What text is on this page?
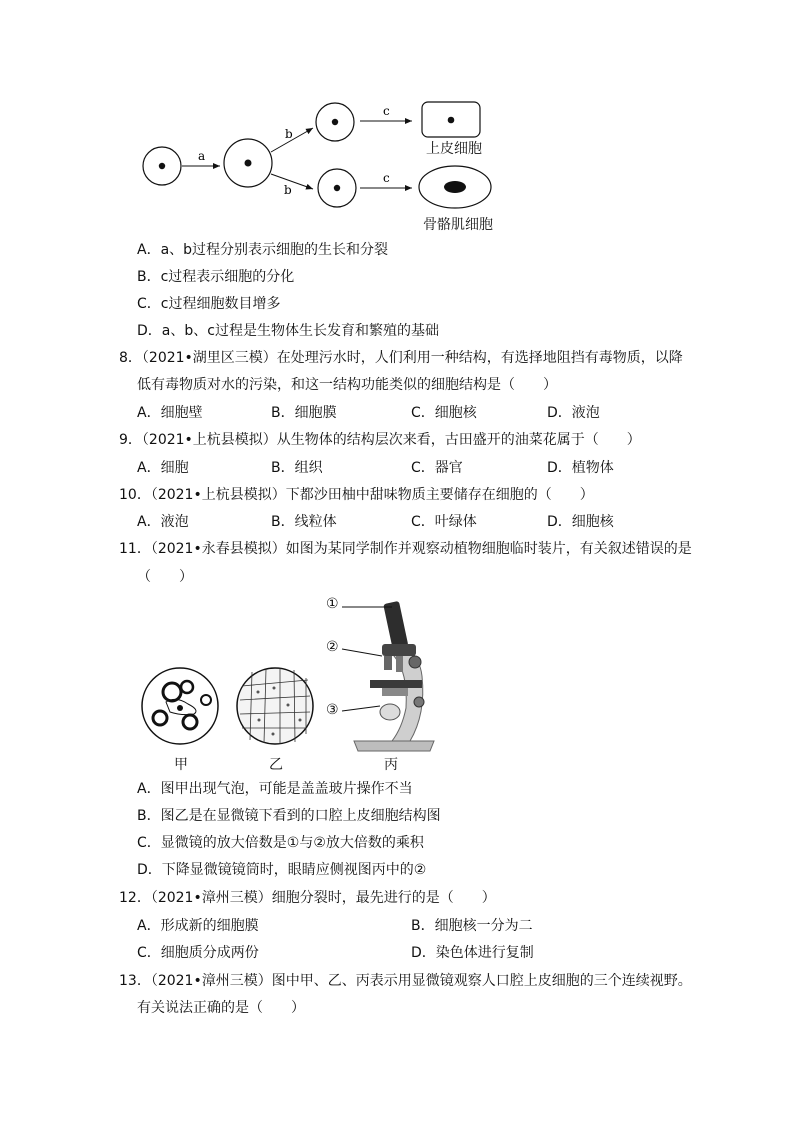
a
b
b
c
c
上皮细胞
骨骼肌细胞
A．a、b过程分别表示细胞的生长和分裂
B．c过程表示细胞的分化
C．c过程细胞数目增多
D．a、b、c过程是生物体生长发育和繁殖的基础
8．（2021•湖里区三模）在处理污水时，人们利用一种结构，有选择地阻挡有毒物质，以降
低有毒物质对水的污染，和这一结构功能类似的细胞结构是（　　）
A．细胞壁	B．细胞膜	C．细胞核	D．液泡
9．（2021•上杭县模拟）从生物体的结构层次来看，古田盛开的油菜花属于（　　）
A．细胞	B．组织	C．器官	D．植物体
10．（2021•上杭县模拟）下都沙田柚中甜味物质主要储存在细胞的（　　）
A．液泡	B．线粒体	C．叶绿体	D．细胞核
11．（2021•永春县模拟）如图为某同学制作并观察动植物细胞临时装片，有关叙述错误的是
（　　）
①
②
③
甲	乙	丙
A．图甲出现气泡，可能是盖盖玻片操作不当
B．图乙是在显微镜下看到的口腔上皮细胞结构图
C．显微镜的放大倍数是①与②放大倍数的乘积
D．下降显微镜镜筒时，眼睛应侧视图丙中的②
12．（2021•漳州三模）细胞分裂时，最先进行的是（　　）
A．形成新的细胞膜	B．细胞核一分为二
C．细胞质分成两份	D．染色体进行复制
13．（2021•漳州三模）图中甲、乙、丙表示用显微镜观察人口腔上皮细胞的三个连续视野。
有关说法正确的是（　　）
